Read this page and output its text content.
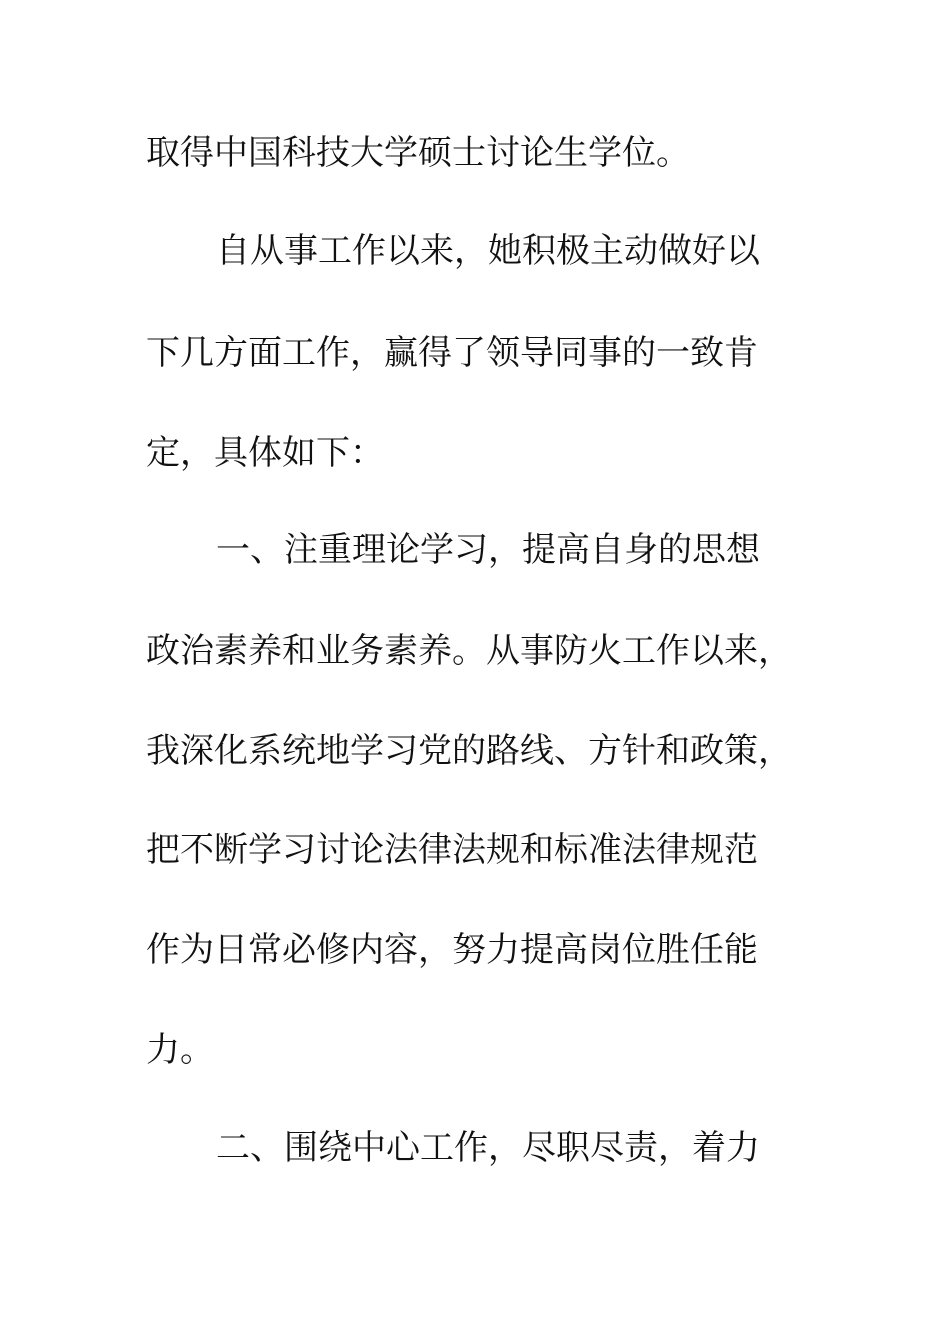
取得中国科技大学硕士讨论生学位。
自从事工作以来，她积极主动做好以
下几方面工作，赢得了领导同事的一致肯
定，具体如下：
一、注重理论学习，提高自身的思想
政治素养和业务素养。从事防火工作以来，
我深化系统地学习党的路线、方针和政策，
把不断学习讨论法律法规和标准法律规范
作为日常必修内容，努力提高岗位胜任能
力。
二、围绕中心工作，尽职尽责，着力
